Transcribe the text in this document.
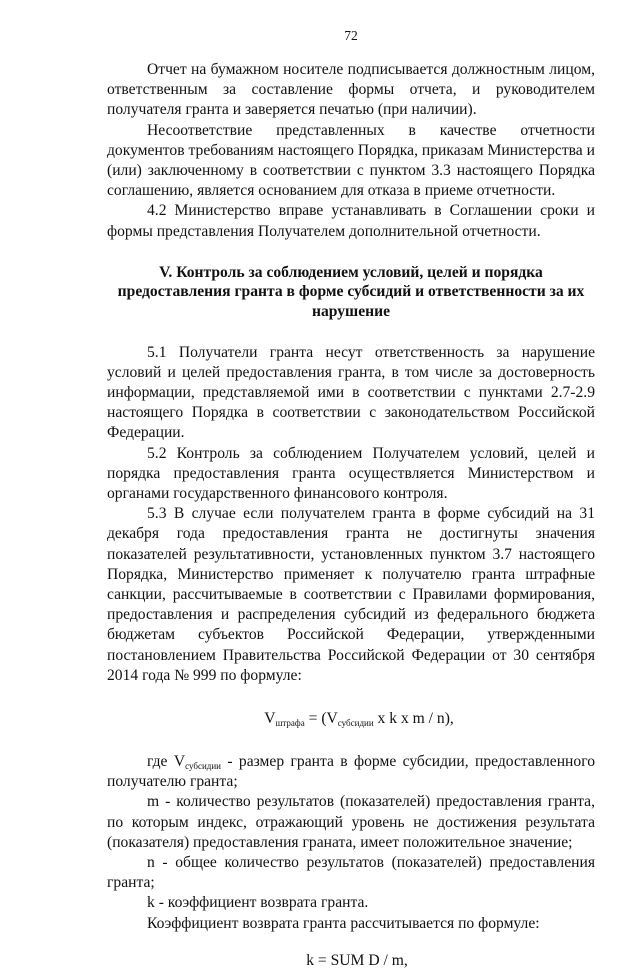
72

Отчет на бумажном носителе подписывается должностным лицом, ответственным за составление формы отчета, и руководителем получателя гранта и заверяется печатью (при наличии).

Несоответствие представленных в качестве отчетности документов требованиям настоящего Порядка, приказам Министерства и (или) заключенному в соответствии с пунктом 3.3 настоящего Порядка соглашению, является основанием для отказа в приеме отчетности.

4.2 Министерство вправе устанавливать в Соглашении сроки и формы представления Получателем дополнительной отчетности.

V. Контроль за соблюдением условий, целей и порядка предоставления гранта в форме субсидий и ответственности за их нарушение

5.1 Получатели гранта несут ответственность за нарушение условий и целей предоставления гранта, в том числе за достоверность информации, представляемой ими в соответствии с пунктами 2.7-2.9 настоящего Порядка в соответствии с законодательством Российской Федерации.

5.2 Контроль за соблюдением Получателем условий, целей и порядка предоставления гранта осуществляется Министерством и органами государственного финансового контроля.

5.3 В случае если получателем гранта в форме субсидий на 31 декабря года предоставления гранта не достигнуты значения показателей результативности, установленных пунктом 3.7 настоящего Порядка, Министерство применяет к получателю гранта штрафные санкции, рассчитываемые в соответствии с Правилами формирования, предоставления и распределения субсидий из федерального бюджета бюджетам субъектов Российской Федерации, утвержденными постановлением Правительства Российской Федерации от 30 сентября 2014 года № 999 по формуле:

$V_{штрафа} = (V_{субсидии}$ x k x m / n),

где $V_{субсидии}$ - размер гранта в форме субсидии, предоставленного получателю гранта;

m - количество результатов (показателей) предоставления гранта, по которым индекс, отражающий уровень не достижения результата (показателя) предоставления граната, имеет положительное значение;

n - общее количество результатов (показателей) предоставления гранта;

k - коэффициент возврата гранта.

Коэффициент возврата гранта рассчитывается по формуле:

k = SUM D / m,
